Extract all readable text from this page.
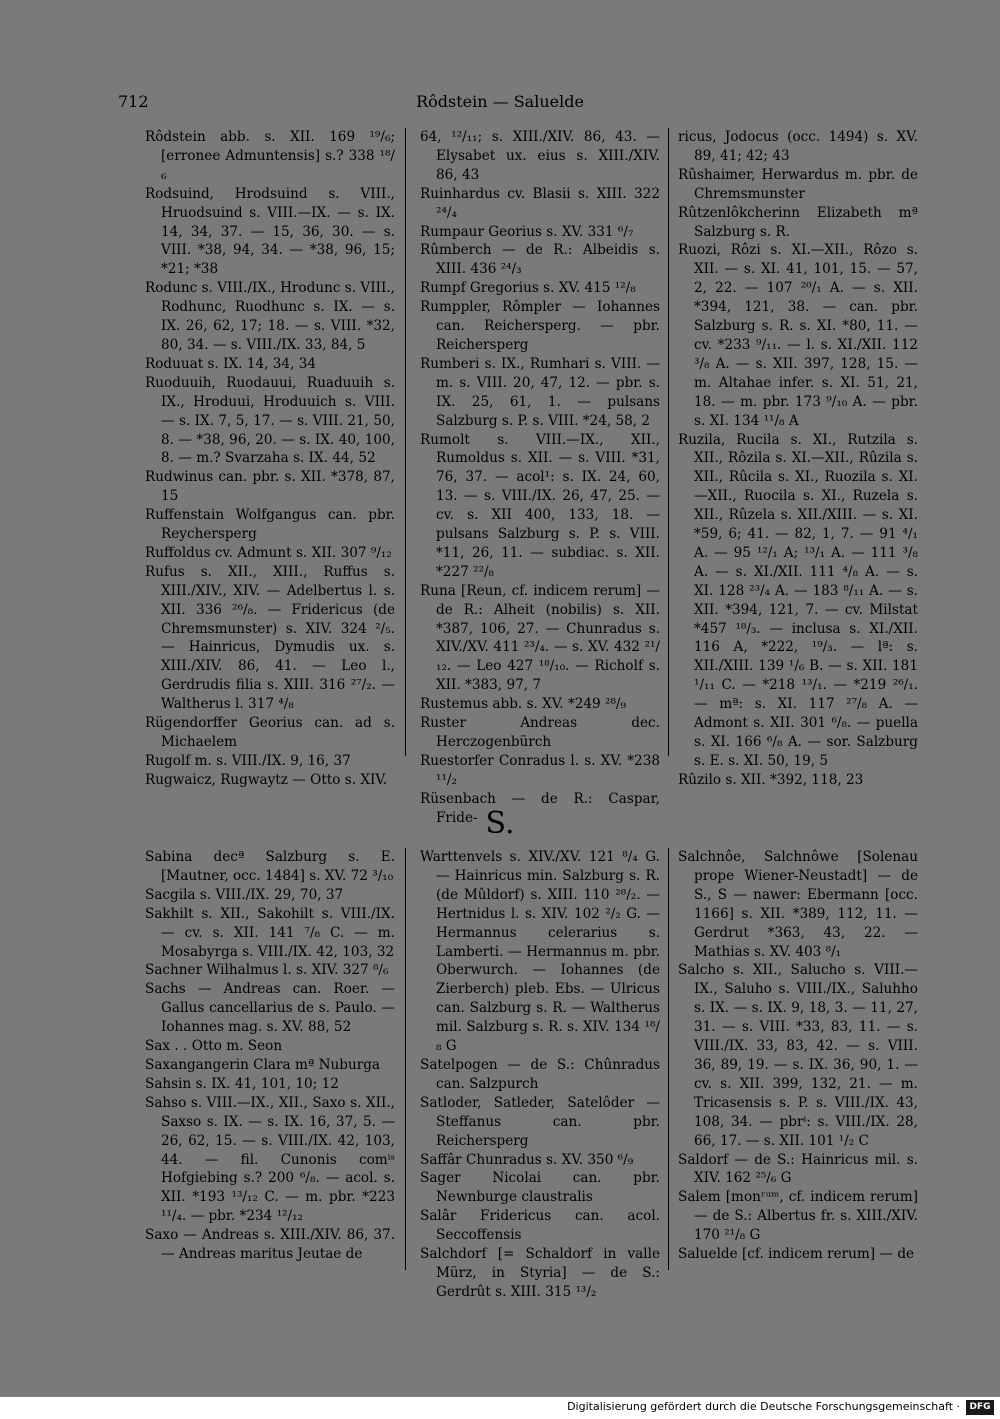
712	Rôdstein — Saluelde
Rôdstein abb. s. XII. 169 ¹⁹/₆; [erronee Admuntensis] s.? 338 ¹⁸/₆
Rodsuind, Hrodsuind s. VIII., Hruodsuind s. VIII.—IX. — s. IX. 14, 34, 37. — 15, 36, 30. — s. VIII. *38, 94, 34. — *38, 96, 15; *21; *38
Rodunc s. VIII./IX., Hrodunc s. VIII., Rodhunc, Ruodhunc s. IX. — s. IX. 26, 62, 17; 18. — s. VIII. *32, 80, 34. — s. VIII./IX. 33, 84, 5
Roduuat s. IX. 14, 34, 34
Ruoduuih, Ruodauui, Ruaduuih s. IX., Hroduui, Hroduuich s. VIII. — s. IX. 7, 5, 17. — s. VIII. 21, 50, 8. — *38, 96, 20. — s. IX. 40, 100, 8. — m.? Svarzaha s. IX. 44, 52
Rudwinus can. pbr. s. XII. *378, 87, 15
Ruffenstain Wolfgangus can. pbr. Reychersperg
Ruffoldus cv. Admunt s. XII. 307 ⁹/₁₂
Rufus s. XII., XIII., Ruffus s. XIII./XIV., XIV. — Adelbertus l. s. XII. 336 ²⁶/₈. — Fridericus (de Chremsmunster) s. XIV. 324 ²/₅. — Hainricus, Dymudis ux. s. XIII./XIV. 86, 41. — Leo l., Gerdrudis filia s. XIII. 316 ²⁷/₂. — Waltherus l. 317 ⁴/₈
Rügendorffer Georius can. ad s. Michaelem
Rugolf m. s. VIII./IX. 9, 16, 37
Rugwaicz, Rugwaytz — Otto s. XIV.
64, ¹²/₁₁; s. XIII./XIV. 86, 43. — Elysabet ux. eius s. XIII./XIV. 86, 43
Ruinhardus cv. Blasii s. XIII. 322 ²⁴/₄
Rumpaur Georius s. XV. 331 ⁶/₇
Rûmberch — de R.: Albeidis s. XIII. 436 ²⁴/₃
Rumpf Gregorius s. XV. 415 ¹²/₈
Rumppler, Rômpler — Iohannes can. Reichersperg. — pbr. Reichersperg
Rumberi s. IX., Rumhari s. VIII. — m. s. VIII. 20, 47, 12. — pbr. s. IX. 25, 61, 1. — pulsans Salzburg s. P. s. VIII. *24, 58, 2
Rumolt s. VIII.—IX., XII., Rumoldus s. XII. — s. VIII. *31, 76, 37. — acol¹: s. IX. 24, 60, 13. — s. VIII./IX. 26, 47, 25. — cv. s. XII 400, 133, 18. — pulsans Salzburg s. P. s. VIII. *11, 26, 11. — subdiac. s. XII. *227 ²²/₈
Runa [Reun, cf. indicem rerum] — de R.: Alheit (nobilis) s. XII. *387, 106, 27. — Chunradus s. XIV./XV. 411 ²³/₄. — s. XV. 432 ²¹/₁₂. — Leo 427 ¹⁸/₁₀. — Richolf s. XII. *383, 97, 7
Rustemus abb. s. XV. *249 ²⁸/₉
Ruster Andreas dec. Herczogenbürch
Ruestorfer Conradus l. s. XV. *238 ¹¹/₂
Rüsenbach — de R.: Caspar, Fride-
ricus, Jodocus (occ. 1494) s. XV. 89, 41; 42; 43
Rûshaimer, Herwardus m. pbr. de Chremsmunster
Rûtzenlôkcherinn Elizabeth mª Salzburg s. R.
Ruozi, Rôzi s. XI.—XII., Rôzo s. XII. — s. XI. 41, 101, 15. — 57, 2, 22. — 107 ²⁰/₁ A. — s. XII. *394, 121, 38. — can. pbr. Salzburg s. R. s. XI. *80, 11. — cv. *233 ⁹/₁₁. — l. s. XI./XII. 112 ³/₈ A. — s. XII. 397, 128, 15. — m. Altahae infer. s. XI. 51, 21, 18. — m. pbr. 173 ⁹/₁₀ A. — pbr. s. XI. 134 ¹¹/₈ A
Ruzila, Rucila s. XI., Rutzila s. XII., Rôzila s. XI.—XII., Rûzila s. XII., Rûcila s. XI., Ruozila s. XI.—XII., Ruocila s. XI., Ruzela s. XII., Rûzela s. XII./XIII. — s. XI. *59, 6; 41. — 82, 1, 7. — 91 ⁴/₁ A. — 95 ¹²/₁ A; ¹³/₁ A. — 111 ³/₈ A. — s. XI./XII. 111 ⁴/₈ A. — s. XI. 128 ²³/₄ A. — 183 ⁸/₁₁ A. — s. XII. *394, 121, 7. — cv. Milstat *457 ¹⁸/₃. — inclusa s. XI./XII. 116 A, *222, ¹⁹/₃. — lª: s. XII./XIII. 139 ¹/₆ B. — s. XII. 181 ¹/₁₁ C. — *218 ¹³/₁. — *219 ²⁶/₁. — mª: s. XI. 117 ²⁷/₈ A. — Admont s. XII. 301 ⁶/₈. — puella s. XI. 166 ⁶/₈ A. — sor. Salzburg s. E. s. XI. 50, 19, 5
Rûzilo s. XII. *392, 118, 23
S.
Sabina decª Salzburg s. E. [Mautner, occ. 1484] s. XV. 72 ³/₁₀
Sacgila s. VIII./IX. 29, 70, 37
Sakhilt s. XII., Sakohilt s. VIII./IX. — cv. s. XII. 141 ⁷/₈ C. — m. Mosabyrga s. VIII./IX. 42, 103, 32
Sachner Wilhalmus l. s. XIV. 327 ⁸/₆
Sachs — Andreas can. Roer. — Gallus cancellarius de s. Paulo. — Iohannes mag. s. XV. 88, 52
Sax . . Otto m. Seon
Saxangangerin Clara mª Nuburga
Sahsin s. IX. 41, 101, 10; 12
Sahso s. VIII.—IX., XII., Saxo s. XII., Saxso s. IX. — s. IX. 16, 37, 5. — 26, 62, 15. — s. VIII./IX. 42, 103, 44. — fil. Cunonis comⁱˢ Hofgiebing s.? 200 ⁶/₈. — acol. s. XII. *193 ¹³/₁₂ C. — m. pbr. *223 ¹¹/₄. — pbr. *234 ¹²/₁₂
Saxo — Andreas s. XIII./XIV. 86, 37. — Andreas maritus Jeutae de
Warttenvels s. XIV./XV. 121 ⁸/₄ G. — Hainricus min. Salzburg s. R. (de Mûldorf) s. XIII. 110 ²⁸/₂. — Hertnidus l. s. XIV. 102 ²/₂ G. — Hermannus celerarius s. Lamberti. — Hermannus m. pbr. Oberwurch. — Iohannes (de Zierberch) pleb. Ebs. — Ulricus can. Salzburg s. R. — Waltherus mil. Salzburg s. R. s. XIV. 134 ¹⁸/₈ G
Satelpogen — de S.: Chûnradus can. Salzpurch
Satloder, Satleder, Satelôder — Steffanus can. pbr. Reichersperg
Saffâr Chunradus s. XV. 350 ⁶/₉
Sager Nicolai can. pbr. Newnburge claustralis
Salâr Fridericus can. acol. Seccoffensis
Salchdorf [= Schaldorf in valle Mürz, in Styria] — de S.: Gerdrût s. XIII. 315 ¹³/₂
Salchnôe, Salchnôwe [Solenau prope Wiener-Neustadt] — de S., S — nawer: Ebermann [occ. 1166] s. XII. *389, 112, 11. — Gerdrut *363, 43, 22. — Mathias s. XV. 403 ⁸/₁
Salcho s. XII., Salucho s. VIII.—IX., Saluho s. VIII./IX., Saluhho s. IX. — s. IX. 9, 18, 3. — 11, 27, 31. — s. VIII. *33, 83, 11. — s. VIII./IX. 33, 83, 42. — s. VIII. 36, 89, 19. — s. IX. 36, 90, 1. — cv. s. XII. 399, 132, 21. — m. Tricasensis s. P. s. VIII./IX. 43, 108, 34. — pbrⁱ: s. VIII./IX. 28, 66, 17. — s. XII. 101 ¹/₂ C
Saldorf — de S.: Hainricus mil. s. XIV. 162 ²⁵/₆ G
Salem [monʳᵘᵐ, cf. indicem rerum] — de S.: Albertus fr. s. XIII./XIV. 170 ²¹/₈ G
Saluelde [cf. indicem rerum] — de
Digitalisierung gefördert durch die Deutsche Forschungsgemeinschaft ·	DFG
